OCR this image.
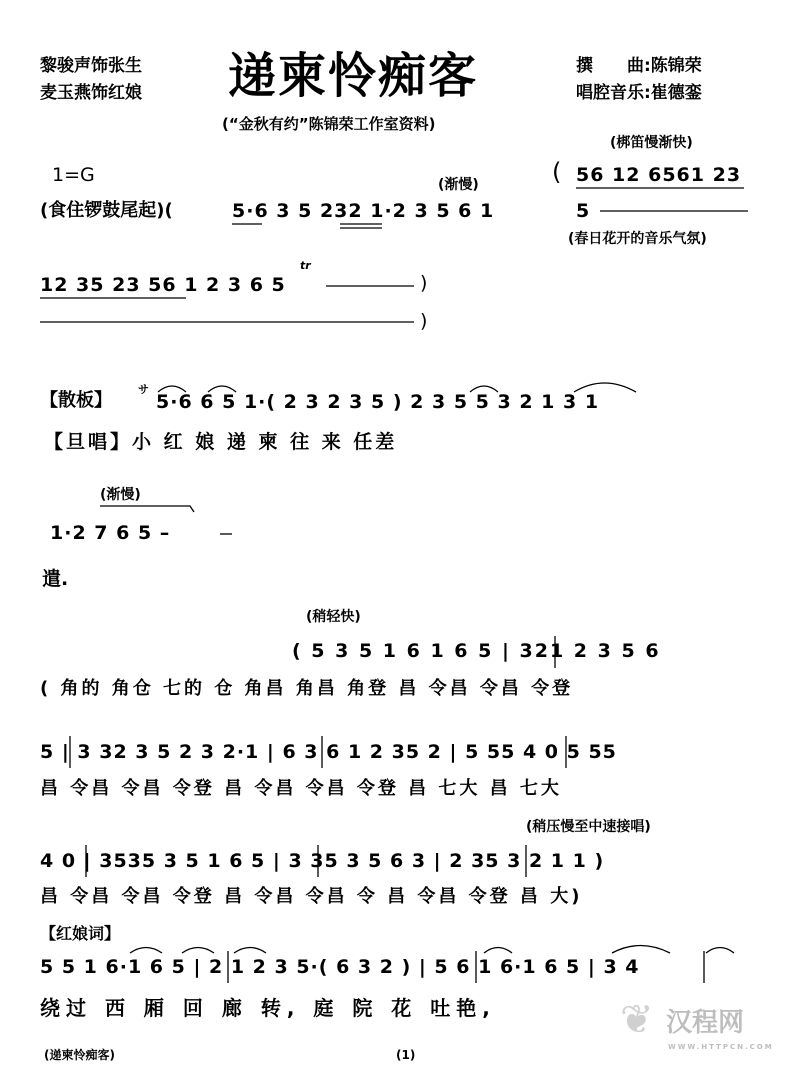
黎骏声饰张生
麦玉燕饰红娘 递柬怜痴客	撰　　曲:陈锦荣
唱腔音乐:崔德銮
(“金秋有约”陈锦荣工作室资料)
(梆笛慢渐快)
1=G	( 56 12 6561 23
(渐慢)
(食住锣鼓尾起)(	5·6 3 5 232 1·2 3 5 6 1	5
(春日花开的音乐气氛)
tr
12 35 23 56 1 2 3 6 5	)
)
【散板】
サ
5·6 6 5 1·( 2 3 2 3 5 ) 2 3 5 5 3 2 1 3 1
【旦唱】小 红 娘 递 柬 往 来 任差
(渐慢)
1·2 7 6 5 –
遣.
(稍轻快)
( 5 3 5 1 6 1 6 5 | 321 2 3 5 6
( 角的 角仓 七的 仓 角昌 角昌 角登 昌 令昌 令昌 令登
5 | 3 32 3 5 2 3 2·1 | 6 3 6 1 2 35 2 | 5 55 4 0 5 55
昌 令昌 令昌 令登 昌 令昌 令昌 令登 昌 七大 昌 七大
(稍压慢至中速接唱)
4 0 | 3535 3 5 1 6 5 | 3 35 3 5 6 3 | 2 35 3 2 1 1 )
昌 令昌 令昌 令登 昌 令昌 令昌 令 昌 令昌 令登 昌 大)
【红娘词】
5 5 1 6·1 6 5 | 2 1 2 3 5·( 6 3 2 ) | 5 6 1 6·1 6 5 | 3 4
绕过 西 厢 回 廊 转, 庭 院 花 吐艳,
(递柬怜痴客)	(1)
汉程网
WWW.HTTPCN.COM
❦
